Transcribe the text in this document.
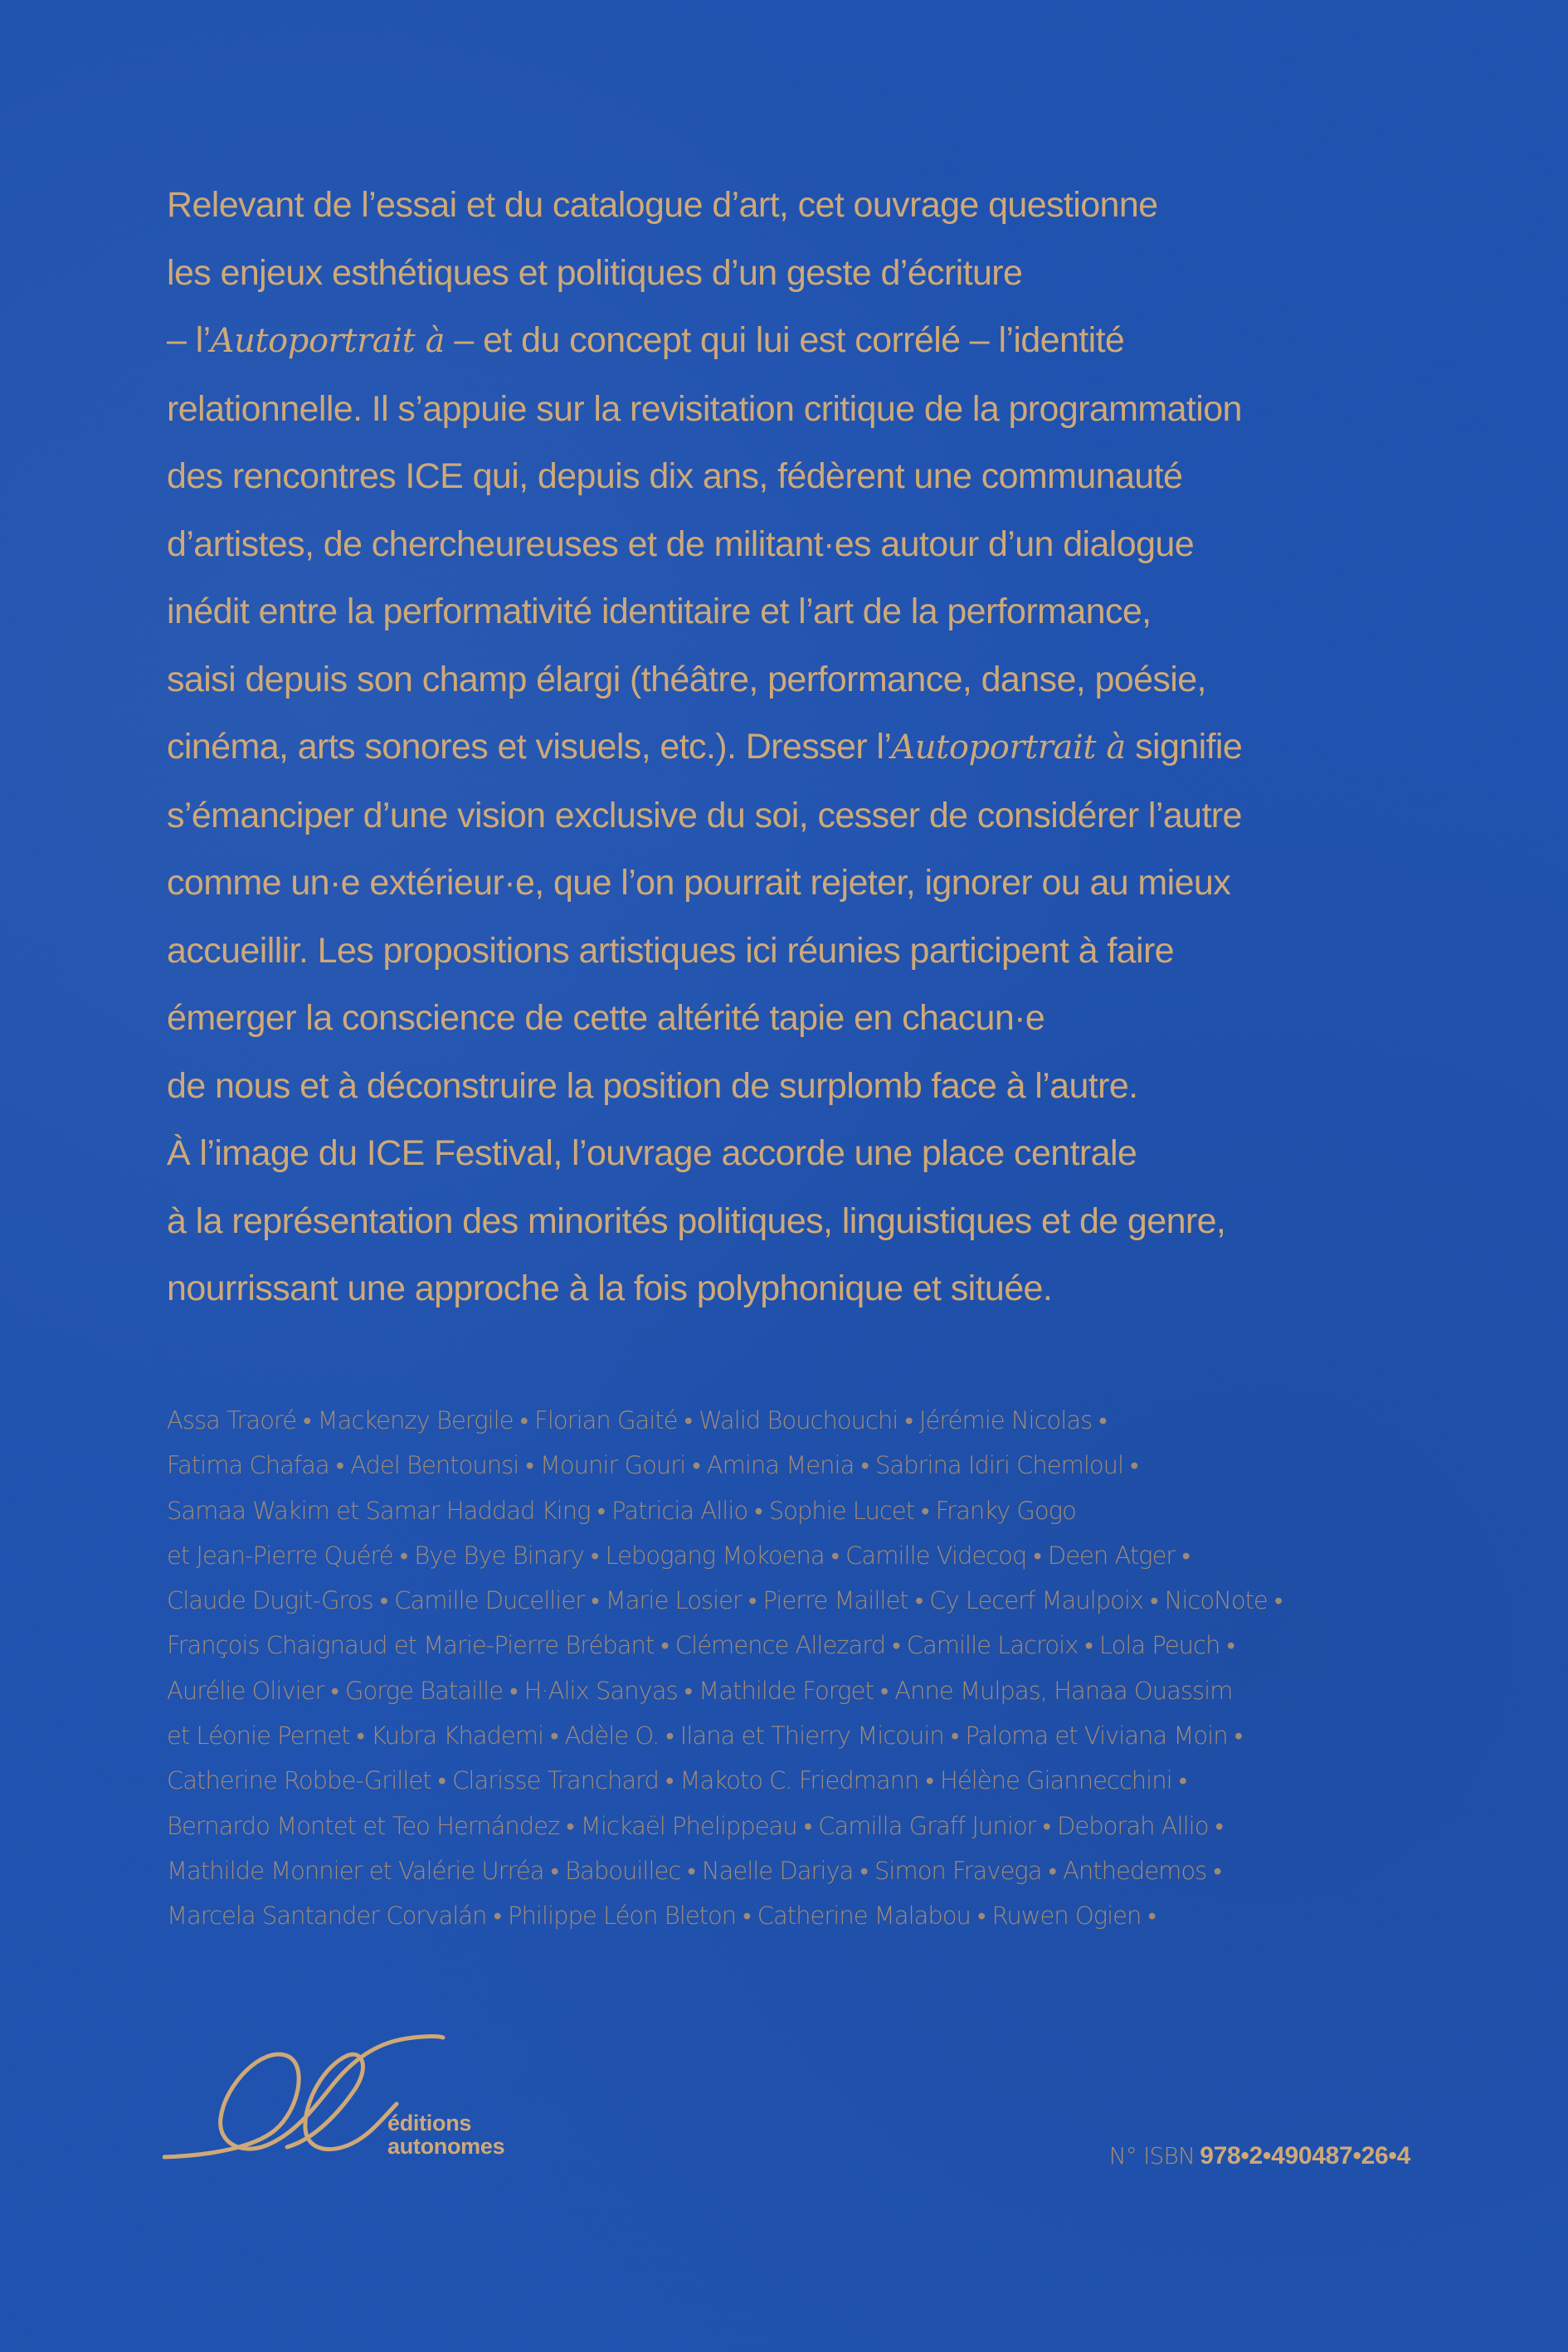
Relevant de l’essai et du catalogue d’art, cet ouvrage questionne
les enjeux esthétiques et politiques d’un geste d’écriture
– l’Autoportrait à – et du concept qui lui est corrélé – l’identité
relationnelle. Il s’appuie sur la revisitation critique de la programmation
des rencontres ICE qui, depuis dix ans, fédèrent une communauté
d’artistes, de chercheureuses et de militant·es autour d’un dialogue
inédit entre la performativité identitaire et l’art de la performance,
saisi depuis son champ élargi (théâtre, performance, danse, poésie,
cinéma, arts sonores et visuels, etc.). Dresser l’Autoportrait à signifie
s’émanciper d’une vision exclusive du soi, cesser de considérer l’autre
comme un·e extérieur·e, que l’on pourrait rejeter, ignorer ou au mieux
accueillir. Les propositions artistiques ici réunies participent à faire
émerger la conscience de cette altérité tapie en chacun·e
de nous et à déconstruire la position de surplomb face à l’autre.
À l’image du ICE Festival, l’ouvrage accorde une place centrale
à la représentation des minorités politiques, linguistiques et de genre,
nourrissant une approche à la fois polyphonique et située.
Assa Traoré • Mackenzy Bergile • Florian Gaité • Walid Bouchouchi • Jérémie Nicolas •
Fatima Chafaa • Adel Bentounsi • Mounir Gouri • Amina Menia • Sabrina Idiri Chemloul •
Samaa Wakim et Samar Haddad King • Patricia Allio • Sophie Lucet • Franky Gogo
et Jean-Pierre Quéré • Bye Bye Binary • Lebogang Mokoena • Camille Videcoq • Deen Atger •
Claude Dugit-Gros • Camille Ducellier • Marie Losier • Pierre Maillet • Cy Lecerf Maulpoix • NicoNote •
François Chaignaud et Marie-Pierre Brébant • Clémence Allezard • Camille Lacroix • Lola Peuch •
Aurélie Olivier • Gorge Bataille • H·Alix Sanyas • Mathilde Forget • Anne Mulpas, Hanaa Ouassim
et Léonie Pernet • Kubra Khademi • Adèle O. • Ilana et Thierry Micouin • Paloma et Viviana Moin •
Catherine Robbe-Grillet • Clarisse Tranchard • Makoto C. Friedmann • Hélène Giannecchini •
Bernardo Montet et Teo Hernández • Mickaël Phelippeau • Camilla Graff Junior • Deborah Allio •
Mathilde Monnier et Valérie Urréa • Babouillec • Naelle Dariya • Simon Fravega • Anthedemos •
Marcela Santander Corvalán • Philippe Léon Bleton • Catherine Malabou • Ruwen Ogien •
éditions
autonomes	N° ISBN 978•2•490487•26•4
